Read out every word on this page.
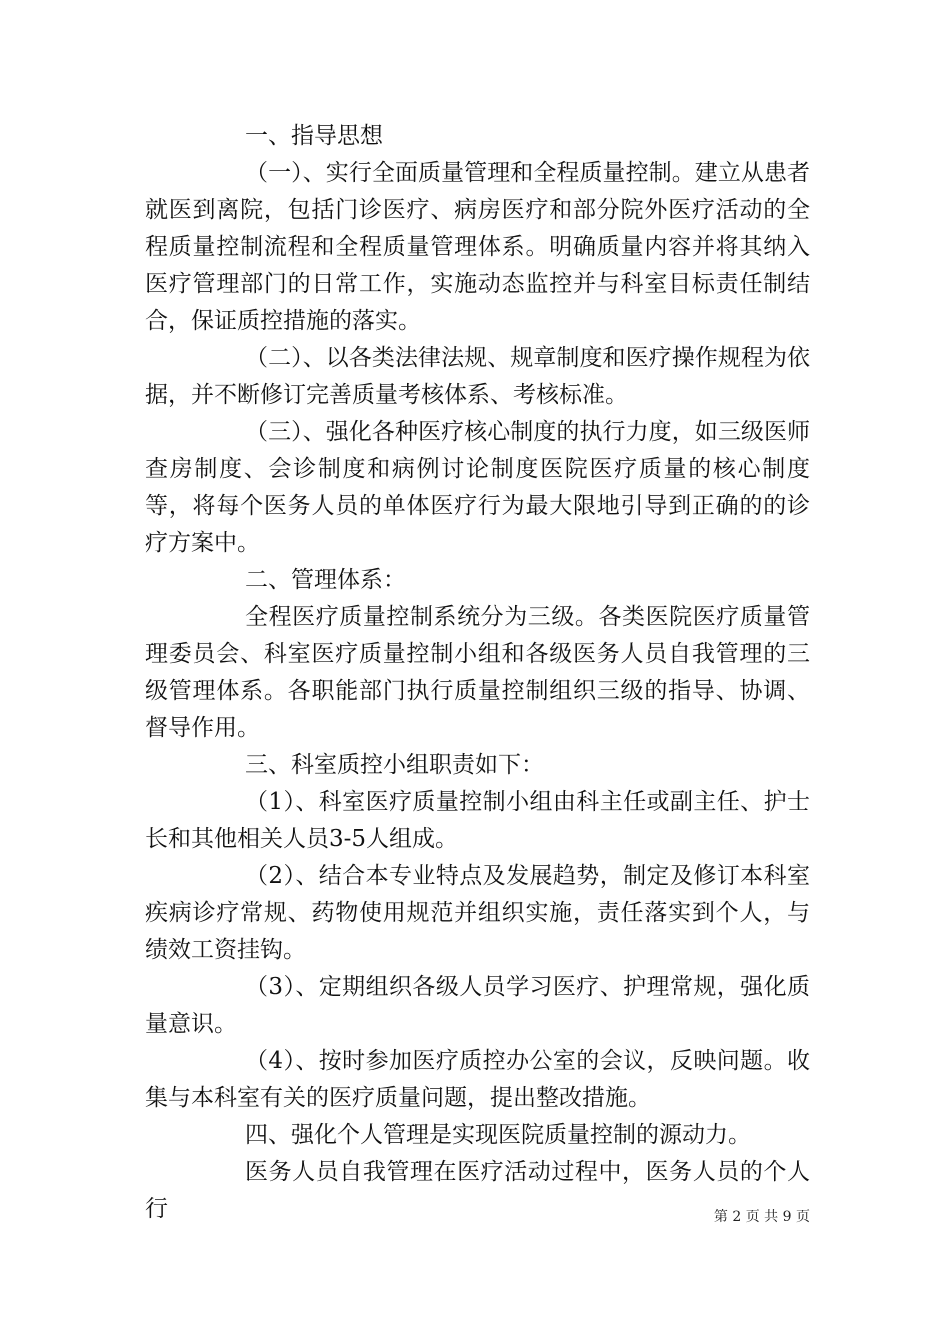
一、指导思想

（一）、实行全面质量管理和全程质量控制。建立从患者就医到离院，包括门诊医疗、病房医疗和部分院外医疗活动的全程质量控制流程和全程质量管理体系。明确质量内容并将其纳入医疗管理部门的日常工作，实施动态监控并与科室目标责任制结合，保证质控措施的落实。

（二）、以各类法律法规、规章制度和医疗操作规程为依据，并不断修订完善质量考核体系、考核标准。

（三）、强化各种医疗核心制度的执行力度，如三级医师查房制度、会诊制度和病例讨论制度医院医疗质量的核心制度等，将每个医务人员的单体医疗行为最大限地引导到正确的的诊疗方案中。

二、管理体系：

全程医疗质量控制系统分为三级。各类医院医疗质量管理委员会、科室医疗质量控制小组和各级医务人员自我管理的三级管理体系。各职能部门执行质量控制组织三级的指导、协调、督导作用。

三、科室质控小组职责如下：

（1）、科室医疗质量控制小组由科主任或副主任、护士长和其他相关人员3-5人组成。

（2）、结合本专业特点及发展趋势，制定及修订本科室疾病诊疗常规、药物使用规范并组织实施，责任落实到个人，与绩效工资挂钩。

（3）、定期组织各级人员学习医疗、护理常规，强化质量意识。

（4）、按时参加医疗质控办公室的会议，反映问题。收集与本科室有关的医疗质量问题，提出整改措施。

四、强化个人管理是实现医院质量控制的源动力。

医务人员自我管理在医疗活动过程中，医务人员的个人行	第 2 页 共 9 页
